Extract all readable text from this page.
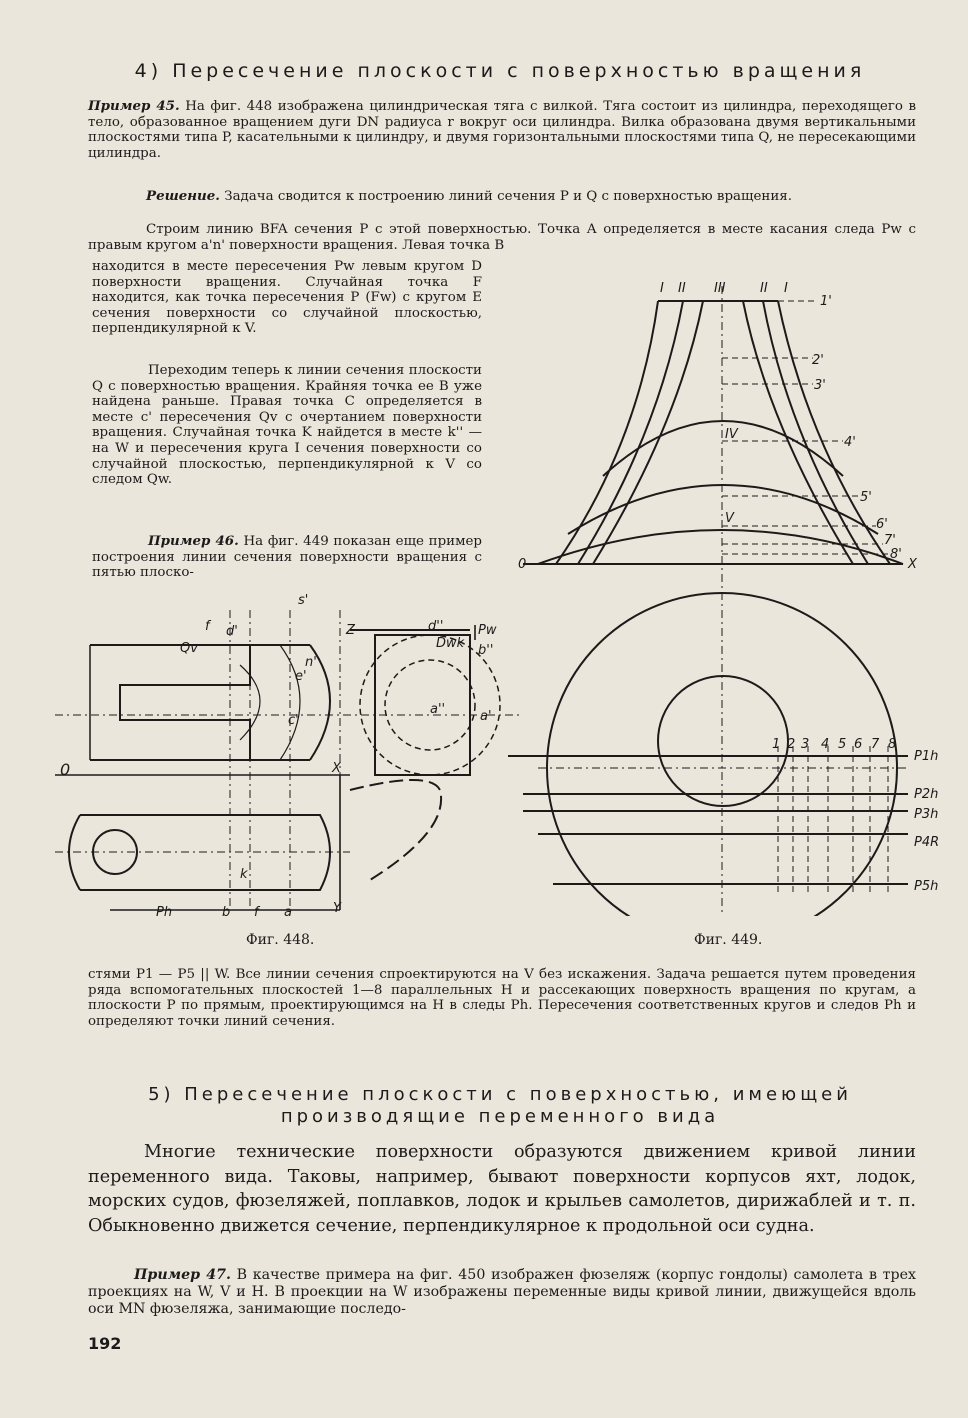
4) Пересечение плоскости с поверхностью вращения
Пример 45. На фиг. 448 изображена цилиндрическая тяга с вилкой. Тяга состоит из цилиндра, переходящего в тело, образованное вращением дуги DN радиуса r вокруг оси цилиндра. Вилка образована двумя вертикальными плоскостями типа P, касательными к цилиндру, и двумя горизонтальными плоскостями типа Q, не пересекающими цилиндра.
Решение. Задача сводится к построению линий сечения P и Q с поверхностью вращения.
Строим линию BFA сечения P с этой поверхностью. Точка A определяется в месте касания следа Pw с правым кругом a'n' поверхности вращения. Левая точка B
находится в месте пересечения Pw левым кругом D поверхности вращения. Случайная точка F находится, как точка пересечения P (Fw) с кругом E сечения поверхности со случайной плоскостью, перпендикулярной к V.
Переходим теперь к линии сечения плоскости Q с поверхностью вращения. Крайняя точка ее B уже найдена раньше. Правая точка C определяется в месте c' пересечения Qv с очертанием поверхности вращения. Случайная точка K найдется в месте k'' — на W и пересечения круга I сечения поверхности со случайной плоскостью, перпендикулярной к V со следом Qw.
Пример 46. На фиг. 449 показан еще пример построения линии сечения поверхности вращения с пятью плоско-
f
s'
d'
Qv
e'
n'
c'
Z	d''	Pw
Dwk b''
a''	a'
0	X
k
Ph	b f a	Y
I II III	II I
1'
2'
3'
4'
5'
6'
7'
8'
IV
V
0	X
1 2 3 4 5 6 7 8
P1h
P2h
P3h
P4R
P5h
Фиг. 448.	Фиг. 449.
стями P1 — P5 || W. Все линии сечения спроектируются на V без искажения. Задача решается путем проведения ряда вспомогательных плоскостей 1—8 параллельных H и рассекающих поверхность вращения по кругам, а плоскости P по прямым, проектирующимся на H в следы Ph. Пересечения соответственных кругов и следов Ph и определяют точки линий сечения.
5) Пересечение плоскости с поверхностью, имеющей
производящие переменного вида
Многие технические поверхности образуются движением кривой линии переменного вида. Таковы, например, бывают поверхности корпусов яхт, лодок, морских судов, фюзеляжей, поплавков, лодок и крыльев самолетов, дирижаблей и т. п. Обыкновенно движется сечение, перпендикулярное к продольной оси судна.
Пример 47. В качестве примера на фиг. 450 изображен фюзеляж (корпус гондолы) самолета в трех проекциях на W, V и H. В проекции на W изображены переменные виды кривой линии, движущейся вдоль оси MN фюзеляжа, занимающие последо-
192
